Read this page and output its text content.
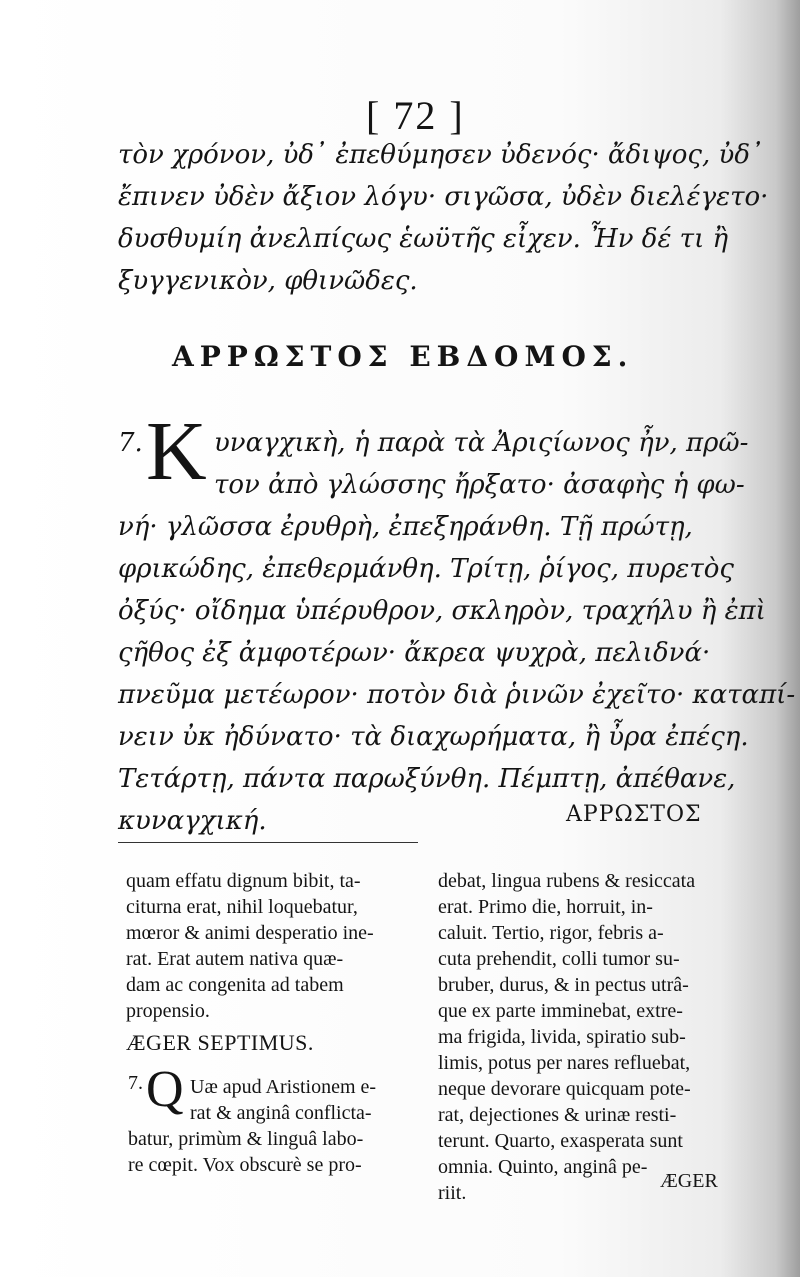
[ 72 ]
τὸν χρόνον, ὐδ᾽ ἐπεθύμησεν ὐδενός· ἄδιψος, ὐδ᾽
ἔπινεν ὐδὲν ἄξιον λόγυ· σιγῶσα, ὐδὲν διελέγετο·
δυσθυμίη ἀνελπίςως ἑωϋτῆς εἶχεν. Ἦν δέ τι ἢ
ξυγγενικὸν, φθινῶδες.
ΑΡΡΩΣΤΟΣ ΕΒΔΟΜΟΣ.
7. K υναγχικὴ, ἡ παρὰ τὰ Ἀριςίωνος ἦν, πρῶ-
τον ἀπὸ γλώσσης ἤρξατο· ἀσαφὴς ἡ φω-
νή· γλῶσσα ἐρυθρὴ, ἐπεξηράνθη. Τῇ πρώτῃ,
φρικώδης, ἐπεθερμάνθη. Τρίτῃ, ῥίγος, πυρετὸς
ὀξύς· οἴδημα ὑπέρυθρον, σκληρὸν, τραχήλυ ἢ ἐπὶ
ςῆθος ἐξ ἀμφοτέρων· ἄκρεα ψυχρὰ, πελιδνά·
πνεῦμα μετέωρον· ποτὸν διὰ ῥινῶν ἐχεῖτο· καταπί-
νειν ὐκ ἠδύνατο· τὰ διαχωρήματα, ἢ ὖρα ἐπέςη.
Τετάρτῃ, πάντα παρωξύνθη. Πέμπτῃ, ἀπέθανε,
κυναγχική.	ΑΡΡΩΣΤΟΣ
quam effatu dignum bibit, ta-
citurna erat, nihil loquebatur,
mœror & animi desperatio ine-
rat. Erat autem nativa quæ-
dam ac congenita ad tabem
propensio.
ÆGER SEPTIMUS.
7. Q Uæ apud Aristionem e-
rat & anginâ conflicta-
batur, primùm & linguâ labo-
re cœpit. Vox obscurè se pro-
debat, lingua rubens & resiccata
erat. Primo die, horruit, in-
caluit. Tertio, rigor, febris a-
cuta prehendit, colli tumor su-
bruber, durus, & in pectus utrâ-
que ex parte imminebat, extre-
ma frigida, livida, spiratio sub-
limis, potus per nares refluebat,
neque devorare quicquam pote-
rat, dejectiones & urinæ resti-
terunt. Quarto, exasperata sunt
omnia. Quinto, anginâ pe-
riit.
ÆGER
